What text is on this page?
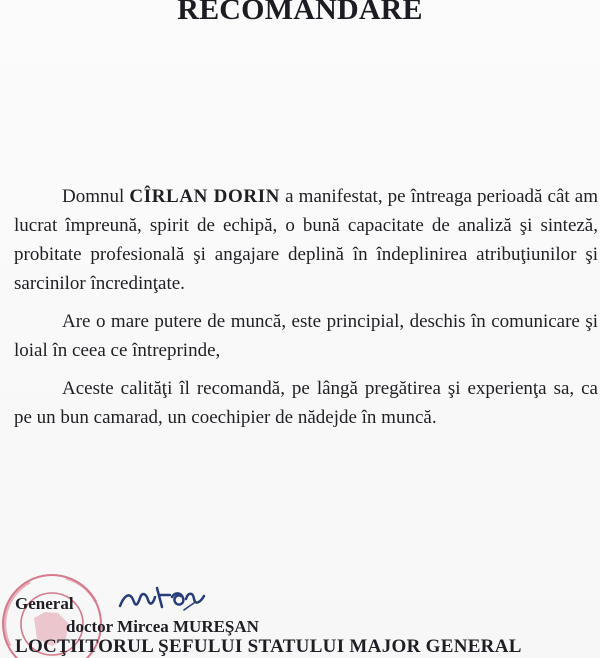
RECOMANDARE

Domnul CÎRLAN DORIN a manifestat, pe întreaga perioadă cât am lucrat împreună, spirit de echipă, o bună capacitate de analiză şi sinteză, probitate profesională şi angajare deplină în îndeplinirea atribuţiunilor şi sarcinilor încredinţate.

Are o mare putere de muncă, este principial, deschis în comunicare şi loial în ceea ce întreprinde,

Aceste calităţi îl recomandă, pe lângă pregătirea şi experienţa sa, ca pe un bun camarad, un coechipier de nădejde în muncă.

General
doctor Mircea MUREŞAN
LOCŢIITORUL ŞEFULUI STATULUI MAJOR GENERAL
